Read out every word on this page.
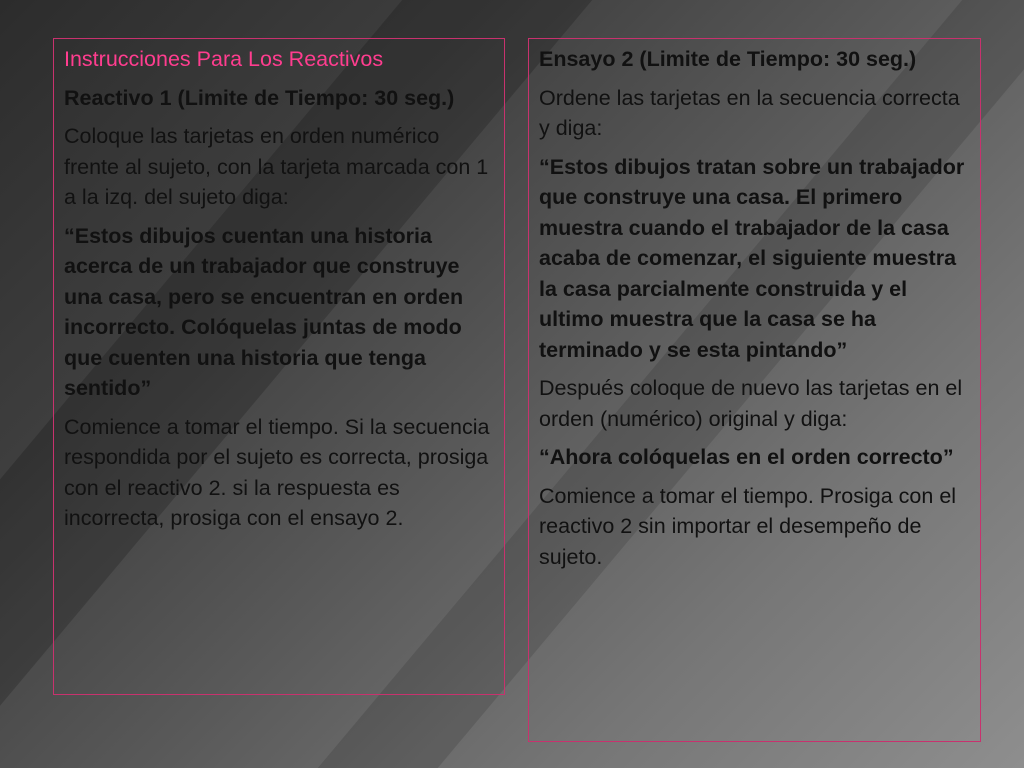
Instrucciones Para Los Reactivos

Reactivo 1 (Limite de Tiempo: 30 seg.)

Coloque las tarjetas en orden numérico frente al sujeto, con la tarjeta marcada con 1 a la izq. del sujeto diga:

“Estos dibujos cuentan una historia acerca de un trabajador que construye una casa, pero se encuentran en orden incorrecto. Colóquelas juntas de modo que cuenten una historia que tenga sentido”

Comience a tomar el tiempo. Si la secuencia respondida por el sujeto es correcta, prosiga con el reactivo 2. si la respuesta es incorrecta, prosiga con el ensayo 2.

Ensayo 2 (Limite de Tiempo: 30 seg.)

Ordene las tarjetas en la secuencia correcta y diga:

“Estos dibujos tratan sobre un trabajador que construye una casa. El primero muestra cuando el trabajador de la casa acaba de comenzar, el siguiente muestra la casa parcialmente construida y el ultimo muestra que la casa se ha terminado y se esta pintando”

Después coloque de nuevo las tarjetas en el orden (numérico) original y diga:

“Ahora colóquelas en el orden correcto”

Comience a tomar el tiempo. Prosiga con el reactivo 2 sin importar el desempeño de sujeto.
